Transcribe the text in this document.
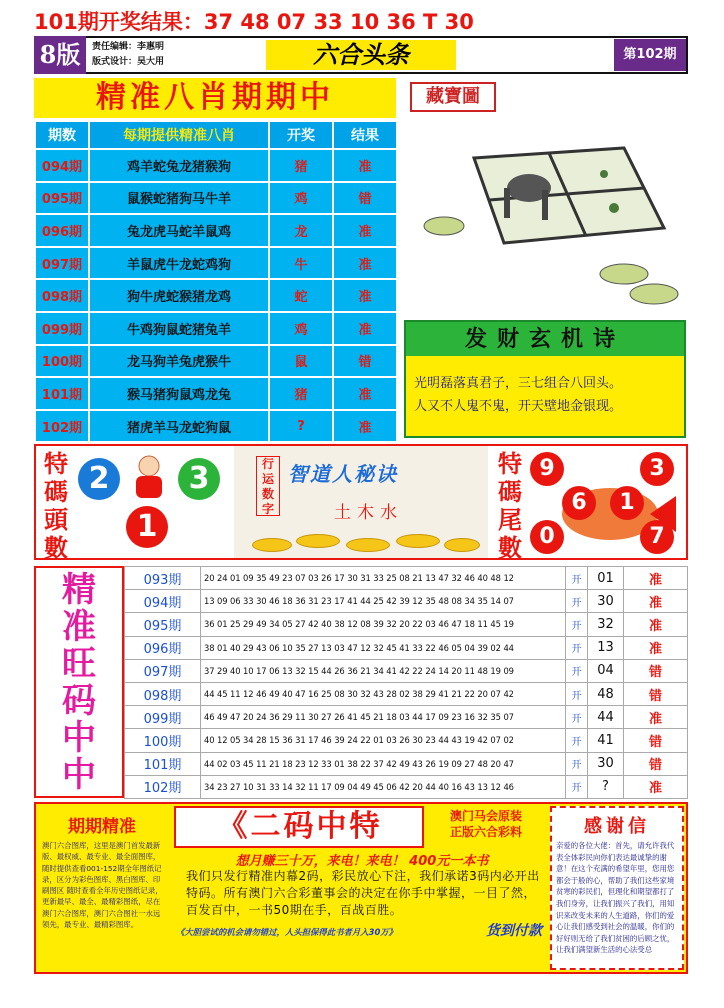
101期开奖结果：37 48 07 33 10 36 T 30
8版	责任编辑：李惠明
版式设计：吴大用	六合头条	第102期
精准八肖期期中	藏寶圖
期数	每期提供精准八肖	开奖	结果
094期	鸡羊蛇兔龙猪猴狗	猪	准
095期	鼠猴蛇猪狗马牛羊	鸡	错
096期	兔龙虎马蛇羊鼠鸡	龙	准
097期	羊鼠虎牛龙蛇鸡狗	牛	准
098期	狗牛虎蛇猴猪龙鸡	蛇	准
099期	牛鸡狗鼠蛇猪兔羊	鸡	准
100期	龙马狗羊兔虎猴牛	鼠	错
101期	猴马猪狗鼠鸡龙兔	猪	准
102期	猪虎羊马龙蛇狗鼠	?	准
发财玄机诗
光明磊落真君子，三七组合八回头。
人又不人鬼不鬼，开天壁地金银现。
特
碼
頭
數
2	3
1
行
运
数
字
智道人秘诀
土木水
特
碼
尾
數
9	3
6	1
0	7
精
准
旺
码
中
中
093期	20 24 01 09 35 49 23 07 03 26 17 30 31 33 25 08 21 13 47 32 46 40 48 12	开	01	准
094期	13 09 06 33 30 46 18 36 31 23 17 41 44 25 42 39 12 35 48 08 34 35 14 07	开	30	准
095期	36 01 25 29 49 34 05 27 42 40 38 12 08 39 32 20 22 03 46 47 18 11 45 19	开	32	准
096期	38 01 40 29 43 06 10 35 27 13 03 47 12 32 45 41 33 22 46 05 04 39 02 44	开	13	准
097期	37 29 40 10 17 06 13 32 15 44 26 36 21 34 41 42 22 24 14 20 11 48 19 09	开	04	错
098期	44 45 11 12 46 49 40 47 16 25 08 30 32 43 28 02 38 29 41 21 22 20 07 42	开	48	错
099期	46 49 47 20 24 36 29 11 30 27 26 41 45 21 18 03 44 17 09 23 16 32 35 07	开	44	准
100期	40 12 05 34 28 15 36 31 17 46 39 24 22 01 03 26 30 23 44 43 19 42 07 02	开	41	错
101期	44 02 03 45 11 21 18 23 12 33 01 38 22 37 42 49 43 26 19 09 27 48 20 47	开	30	错
102期	34 23 27 10 31 33 14 32 11 17 09 04 49 45 06 42 20 44 40 16 43 13 12 46	开	?	准
期期精准
澳门六合图库，这里是澳门首发最新版、最权威、最专业、最全面图库，随时提供查看001-152期全年图纸记录，区分为彩色图库、黑白图库、印刷图区 随时查看全年历史图纸记录，更新最早、最全、最精彩图纸，尽在澳门六合图库，澳门六合图社一水远领先，最专业、最精彩图库。
《二码中特	澳门马会原装
正版六合彩料
想月赚三十万，来电！来电！ 400元一本书
我们只发行精准内幕2码，彩民放心下注，我们承诺3码内必开出特码。所有澳门六合彩董事会的决定在你手中掌握，一目了然，百发百中，一书50期在手，百战百胜。
《大胆尝试的机会请勿错过，人头担保得此书者月入30万》	货到付款
感谢信
亲爱的各位大佬：首先，请允许我代表全体彩民向你们表达最诚挚的谢意！在这个充满的希望年里，您用您都会于般的心，帮助了我们这些家境贫寒的彩民们，但理化和期望都打了我们身旁，让我们振兴了我们，用知识来改变未来的人生道路，你们的爱心让我们感受到社会的温暖，你们的好好则无给了我们贫困的后顾之忧，让我们满望新生活的心法受总
